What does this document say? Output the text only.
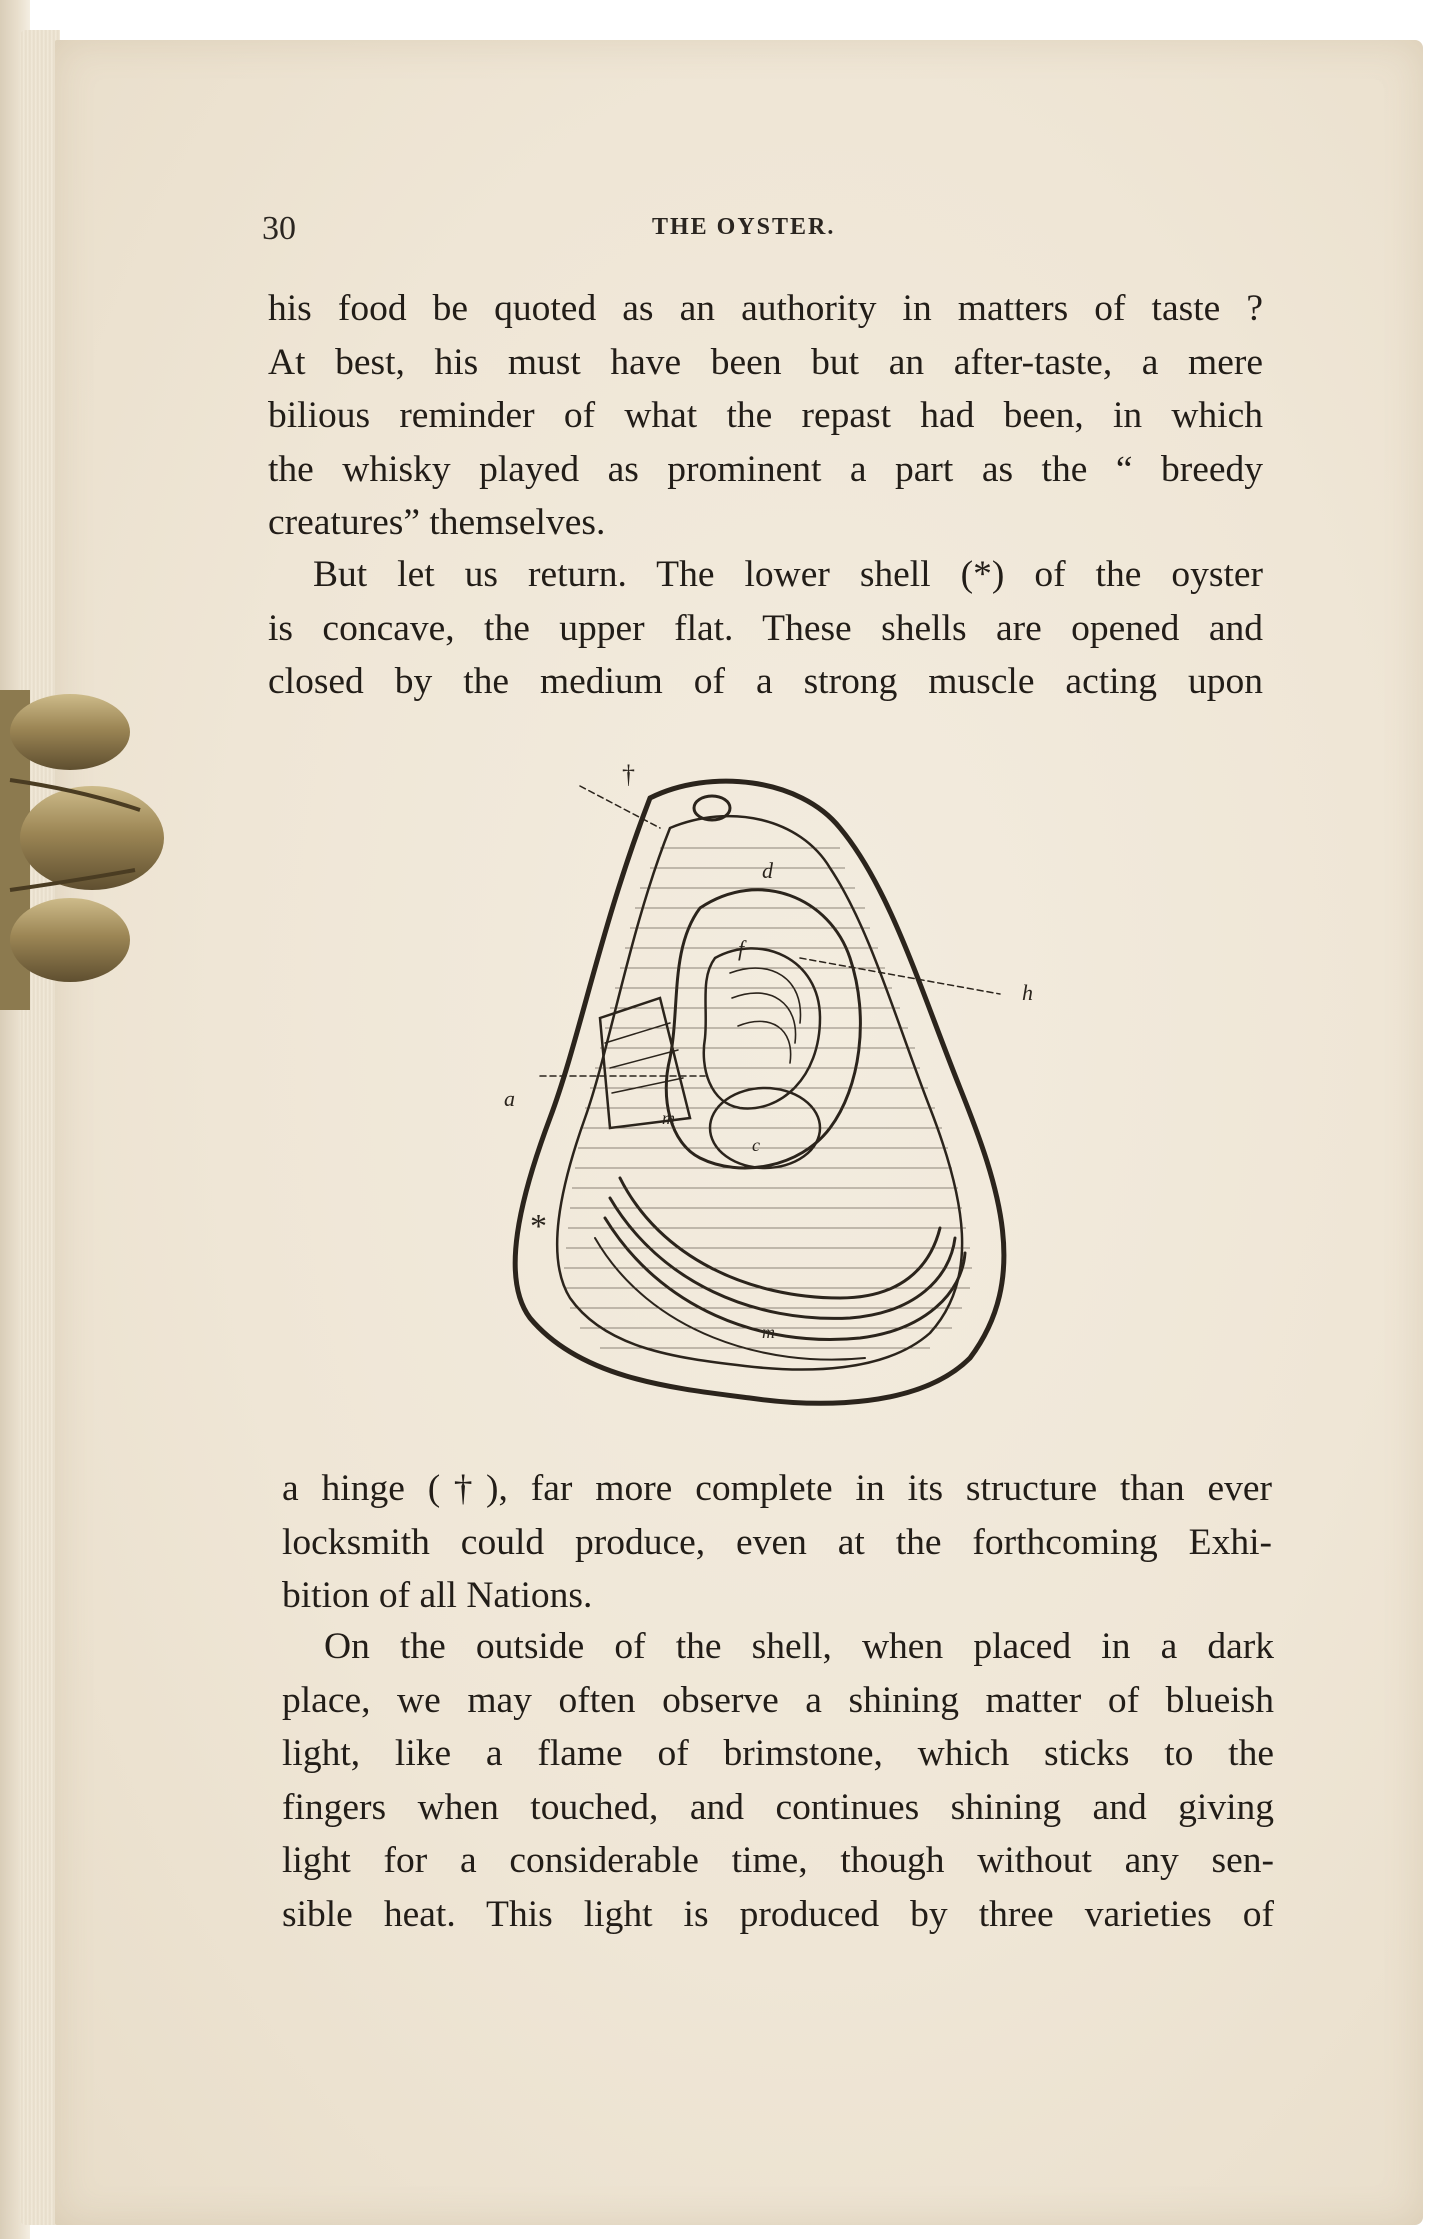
30	THE OYSTER.

his food be quoted as an authority in matters of taste ?
At best, his must have been but an after-taste, a mere
bilious reminder of what the repast had been, in which
the whisky played as prominent a part as the “ breedy
creatures” themselves.

But let us return. The lower shell (*) of the oyster
is concave, the upper flat. These shells are opened and
closed by the medium of a strong muscle acting upon

†
d
f
h
a
m
c
*
m

a hinge (†), far more complete in its structure than ever
locksmith could produce, even at the forthcoming Exhi-
bition of all Nations.

On the outside of the shell, when placed in a dark
place, we may often observe a shining matter of blueish
light, like a flame of brimstone, which sticks to the
fingers when touched, and continues shining and giving
light for a considerable time, though without any sen-
sible heat. This light is produced by three varieties of
